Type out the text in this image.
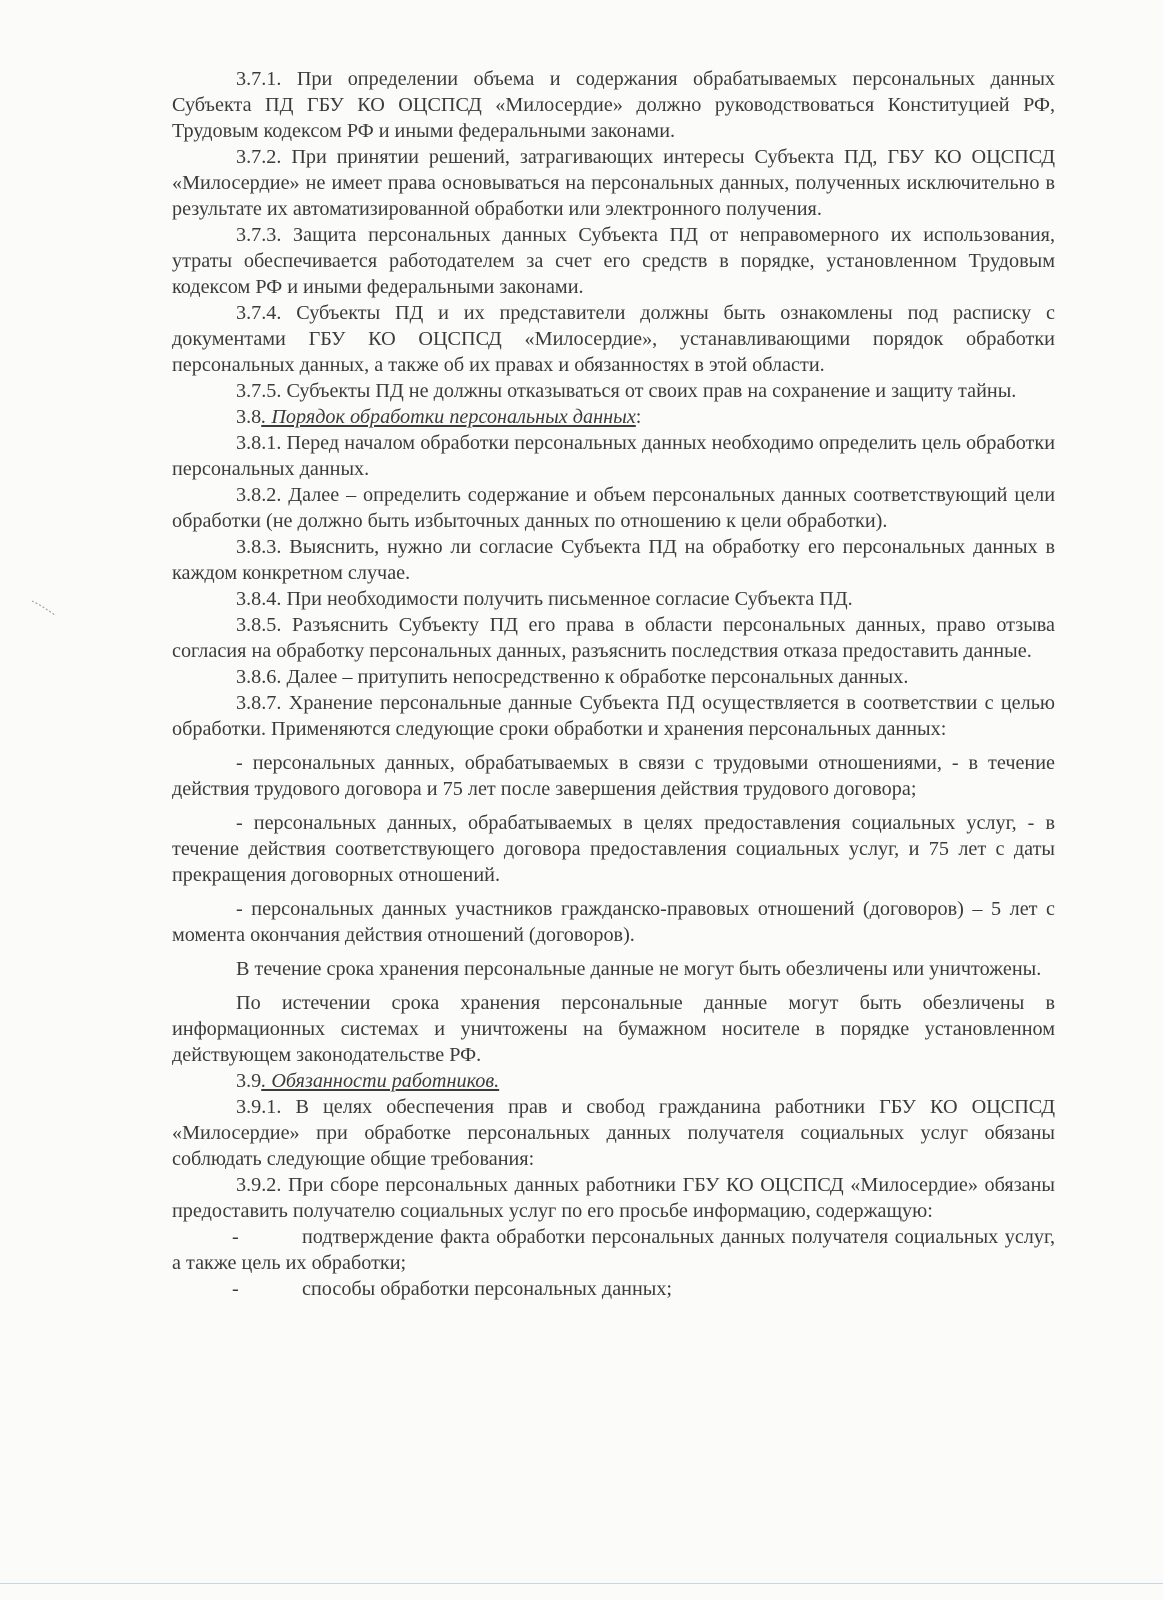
3.7.1. При определении объема и содержания обрабатываемых персональных данных Субъекта ПД ГБУ КО ОЦСПСД «Милосердие» должно руководствоваться Конституцией РФ, Трудовым кодексом РФ и иными федеральными законами.

3.7.2. При принятии решений, затрагивающих интересы Субъекта ПД, ГБУ КО ОЦСПСД «Милосердие» не имеет права основываться на персональных данных, полученных исключительно в результате их автоматизированной обработки или электронного получения.

3.7.3. Защита персональных данных Субъекта ПД от неправомерного их использования, утраты обеспечивается работодателем за счет его средств в порядке, установленном Трудовым кодексом РФ и иными федеральными законами.

3.7.4. Субъекты ПД и их представители должны быть ознакомлены под расписку с документами ГБУ КО ОЦСПСД «Милосердие», устанавливающими порядок обработки персональных данных, а также об их правах и обязанностях в этой области.

3.7.5. Субъекты ПД не должны отказываться от своих прав на сохранение и защиту тайны.

3.8. Порядок обработки персональных данных:

3.8.1. Перед началом обработки персональных данных необходимо определить цель обработки персональных данных.

3.8.2. Далее – определить содержание и объем персональных данных соответствующий цели обработки (не должно быть избыточных данных по отношению к цели обработки).

3.8.3. Выяснить, нужно ли согласие Субъекта ПД на обработку его персональных данных в каждом конкретном случае.

3.8.4. При необходимости получить письменное согласие Субъекта ПД.

3.8.5. Разъяснить Субъекту ПД его права в области персональных данных, право отзыва согласия на обработку персональных данных, разъяснить последствия отказа предоставить данные.

3.8.6. Далее – притупить непосредственно к обработке персональных данных.

3.8.7. Хранение персональные данные Субъекта ПД осуществляется в соответствии с целью обработки. Применяются следующие сроки обработки и хранения персональных данных:

- персональных данных, обрабатываемых в связи с трудовыми отношениями, - в течение действия трудового договора и 75 лет после завершения действия трудового договора;

- персональных данных, обрабатываемых в целях предоставления социальных услуг, - в течение действия соответствующего договора предоставления социальных услуг, и 75 лет с даты прекращения договорных отношений.

- персональных данных участников гражданско-правовых отношений (договоров) – 5 лет с момента окончания действия отношений (договоров).

В течение срока хранения персональные данные не могут быть обезличены или уничтожены.

По истечении срока хранения персональные данные могут быть обезличены в информационных системах и уничтожены на бумажном носителе в порядке установленном действующем законодательстве РФ.

3.9. Обязанности работников.

3.9.1. В целях обеспечения прав и свобод гражданина работники ГБУ КО ОЦСПСД «Милосердие» при обработке персональных данных получателя социальных услуг обязаны соблюдать следующие общие требования:

3.9.2. При сборе персональных данных работники ГБУ КО ОЦСПСД «Милосердие» обязаны предоставить получателю социальных услуг по его просьбе информацию, содержащую:

-	подтверждение факта обработки персональных данных получателя социальных услуг, а также цель их обработки;

-	способы обработки персональных данных;
